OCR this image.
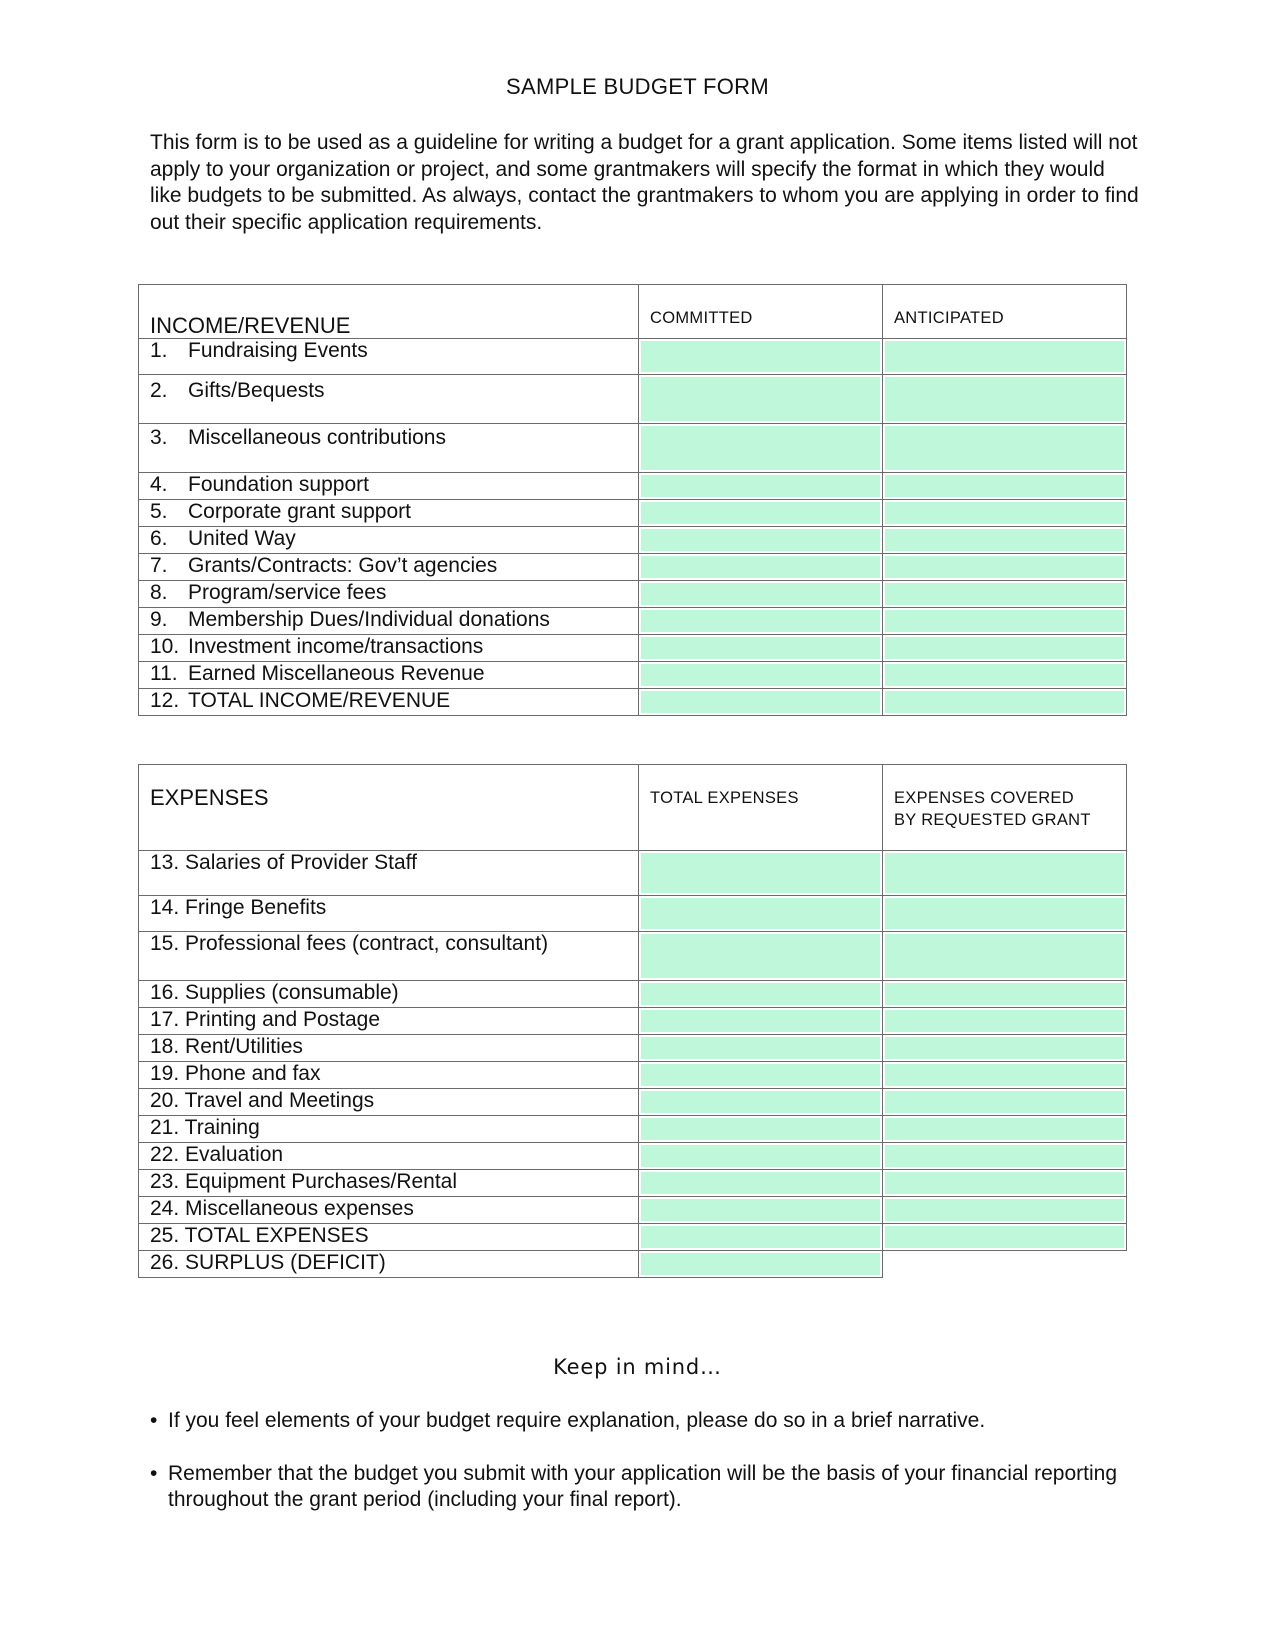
SAMPLE BUDGET FORM

This form is to be used as a guideline for writing a budget for a grant application. Some items listed will not apply to your organization or project, and some grantmakers will specify the format in which they would like budgets to be submitted. As always, contact the grantmakers to whom you are applying in order to find out their specific application requirements.

INCOME/REVENUE	COMMITTED	ANTICIPATED
1. Fundraising Events	

2. Gifts/Bequests	

3. Miscellaneous contributions	

4. Foundation support	

5. Corporate grant support	

6. United Way	

7. Grants/Contracts: Gov’t agencies	

8. Program/service fees	

9. Membership Dues/Individual donations	

10. Investment income/transactions	

11. Earned Miscellaneous Revenue	

12. TOTAL INCOME/REVENUE	

EXPENSES	TOTAL EXPENSES	EXPENSES COVERED
BY REQUESTED GRANT
13. Salaries of Provider Staff	

14. Fringe Benefits	

15. Professional fees (contract, consultant)	

16. Supplies (consumable)	

17. Printing and Postage	

18. Rent/Utilities	

19. Phone and fax	

20. Travel and Meetings	

21. Training	

22. Evaluation	

23. Equipment Purchases/Rental	

24. Miscellaneous expenses	

25. TOTAL EXPENSES	

26. SURPLUS (DEFICIT)	

Keep in mind…
• If you feel elements of your budget require explanation, please do so in a brief narrative.
• Remember that the budget you submit with your application will be the basis of your financial reporting throughout the grant period (including your final report).
